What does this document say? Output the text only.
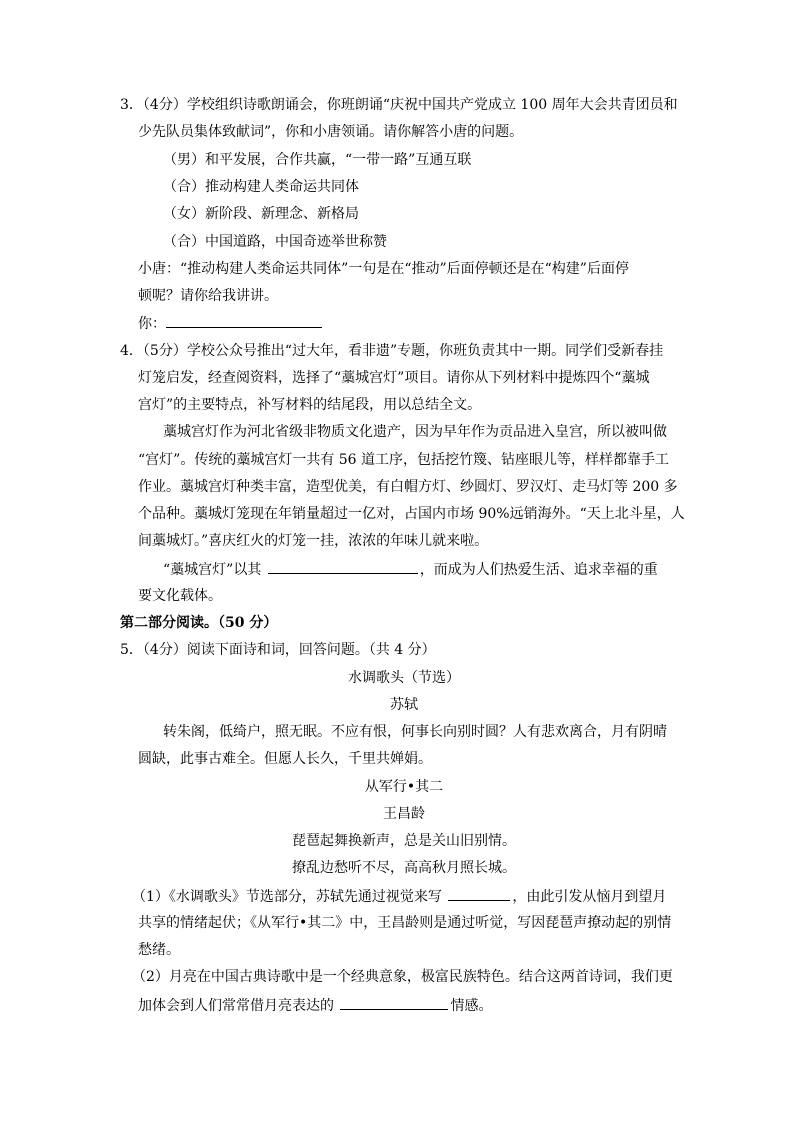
3．（4分）学校组织诗歌朗诵会，你班朗诵“庆祝中国共产党成立 100 周年大会共青团员和
少先队员集体致献词”，你和小唐领诵。请你解答小唐的问题。
（男）和平发展，合作共赢，“一带一路”互通互联
（合）推动构建人类命运共同体
（女）新阶段、新理念、新格局
（合）中国道路，中国奇迹举世称赞
小唐：“推动构建人类命运共同体”一句是在“推动”后面停顿还是在“构建”后面停
顿呢？请你给我讲讲。
你：
4．（5分）学校公众号推出“过大年，看非遗”专题，你班负责其中一期。同学们受新春挂
灯笼启发，经查阅资料，选择了“藁城宫灯”项目。请你从下列材料中提炼四个“藁城
宫灯”的主要特点，补写材料的结尾段，用以总结全文。
藁城宫灯作为河北省级非物质文化遗产，因为早年作为贡品进入皇宫，所以被叫做
“宫灯”。传统的藁城宫灯一共有 56 道工序，包括挖竹篾、钻座眼儿等，样样都靠手工
作业。藁城宫灯种类丰富，造型优美，有白帽方灯、纱圆灯、罗汉灯、走马灯等 200 多
个品种。藁城灯笼现在年销量超过一亿对，占国内市场 90%远销海外。“天上北斗星，人
间藁城灯。”喜庆红火的灯笼一挂，浓浓的年味儿就来啦。
“藁城宫灯”以其	，而成为人们热爱生活、追求幸福的重
要文化载体。
第二部分阅读。（50 分）
5．（4分）阅读下面诗和词，回答问题。（共 4 分）
水调歌头（节选）
苏轼
转朱阁，低绮户，照无眠。不应有恨，何事长向别时圆？人有悲欢离合，月有阴晴
圆缺，此事古难全。但愿人长久，千里共婵娟。
从军行•其二
王昌龄
琵琶起舞换新声，总是关山旧别情。
撩乱边愁听不尽，高高秋月照长城。
（1）《水调歌头》节选部分，苏轼先通过视觉来写	，由此引发从恼月到望月
共享的情绪起伏；《从军行•其二》中，王昌龄则是通过听觉，写因琵琶声撩动起的别情
愁绪。
（2）月亮在中国古典诗歌中是一个经典意象，极富民族特色。结合这两首诗词，我们更
加体会到人们常常借月亮表达的	情感。
